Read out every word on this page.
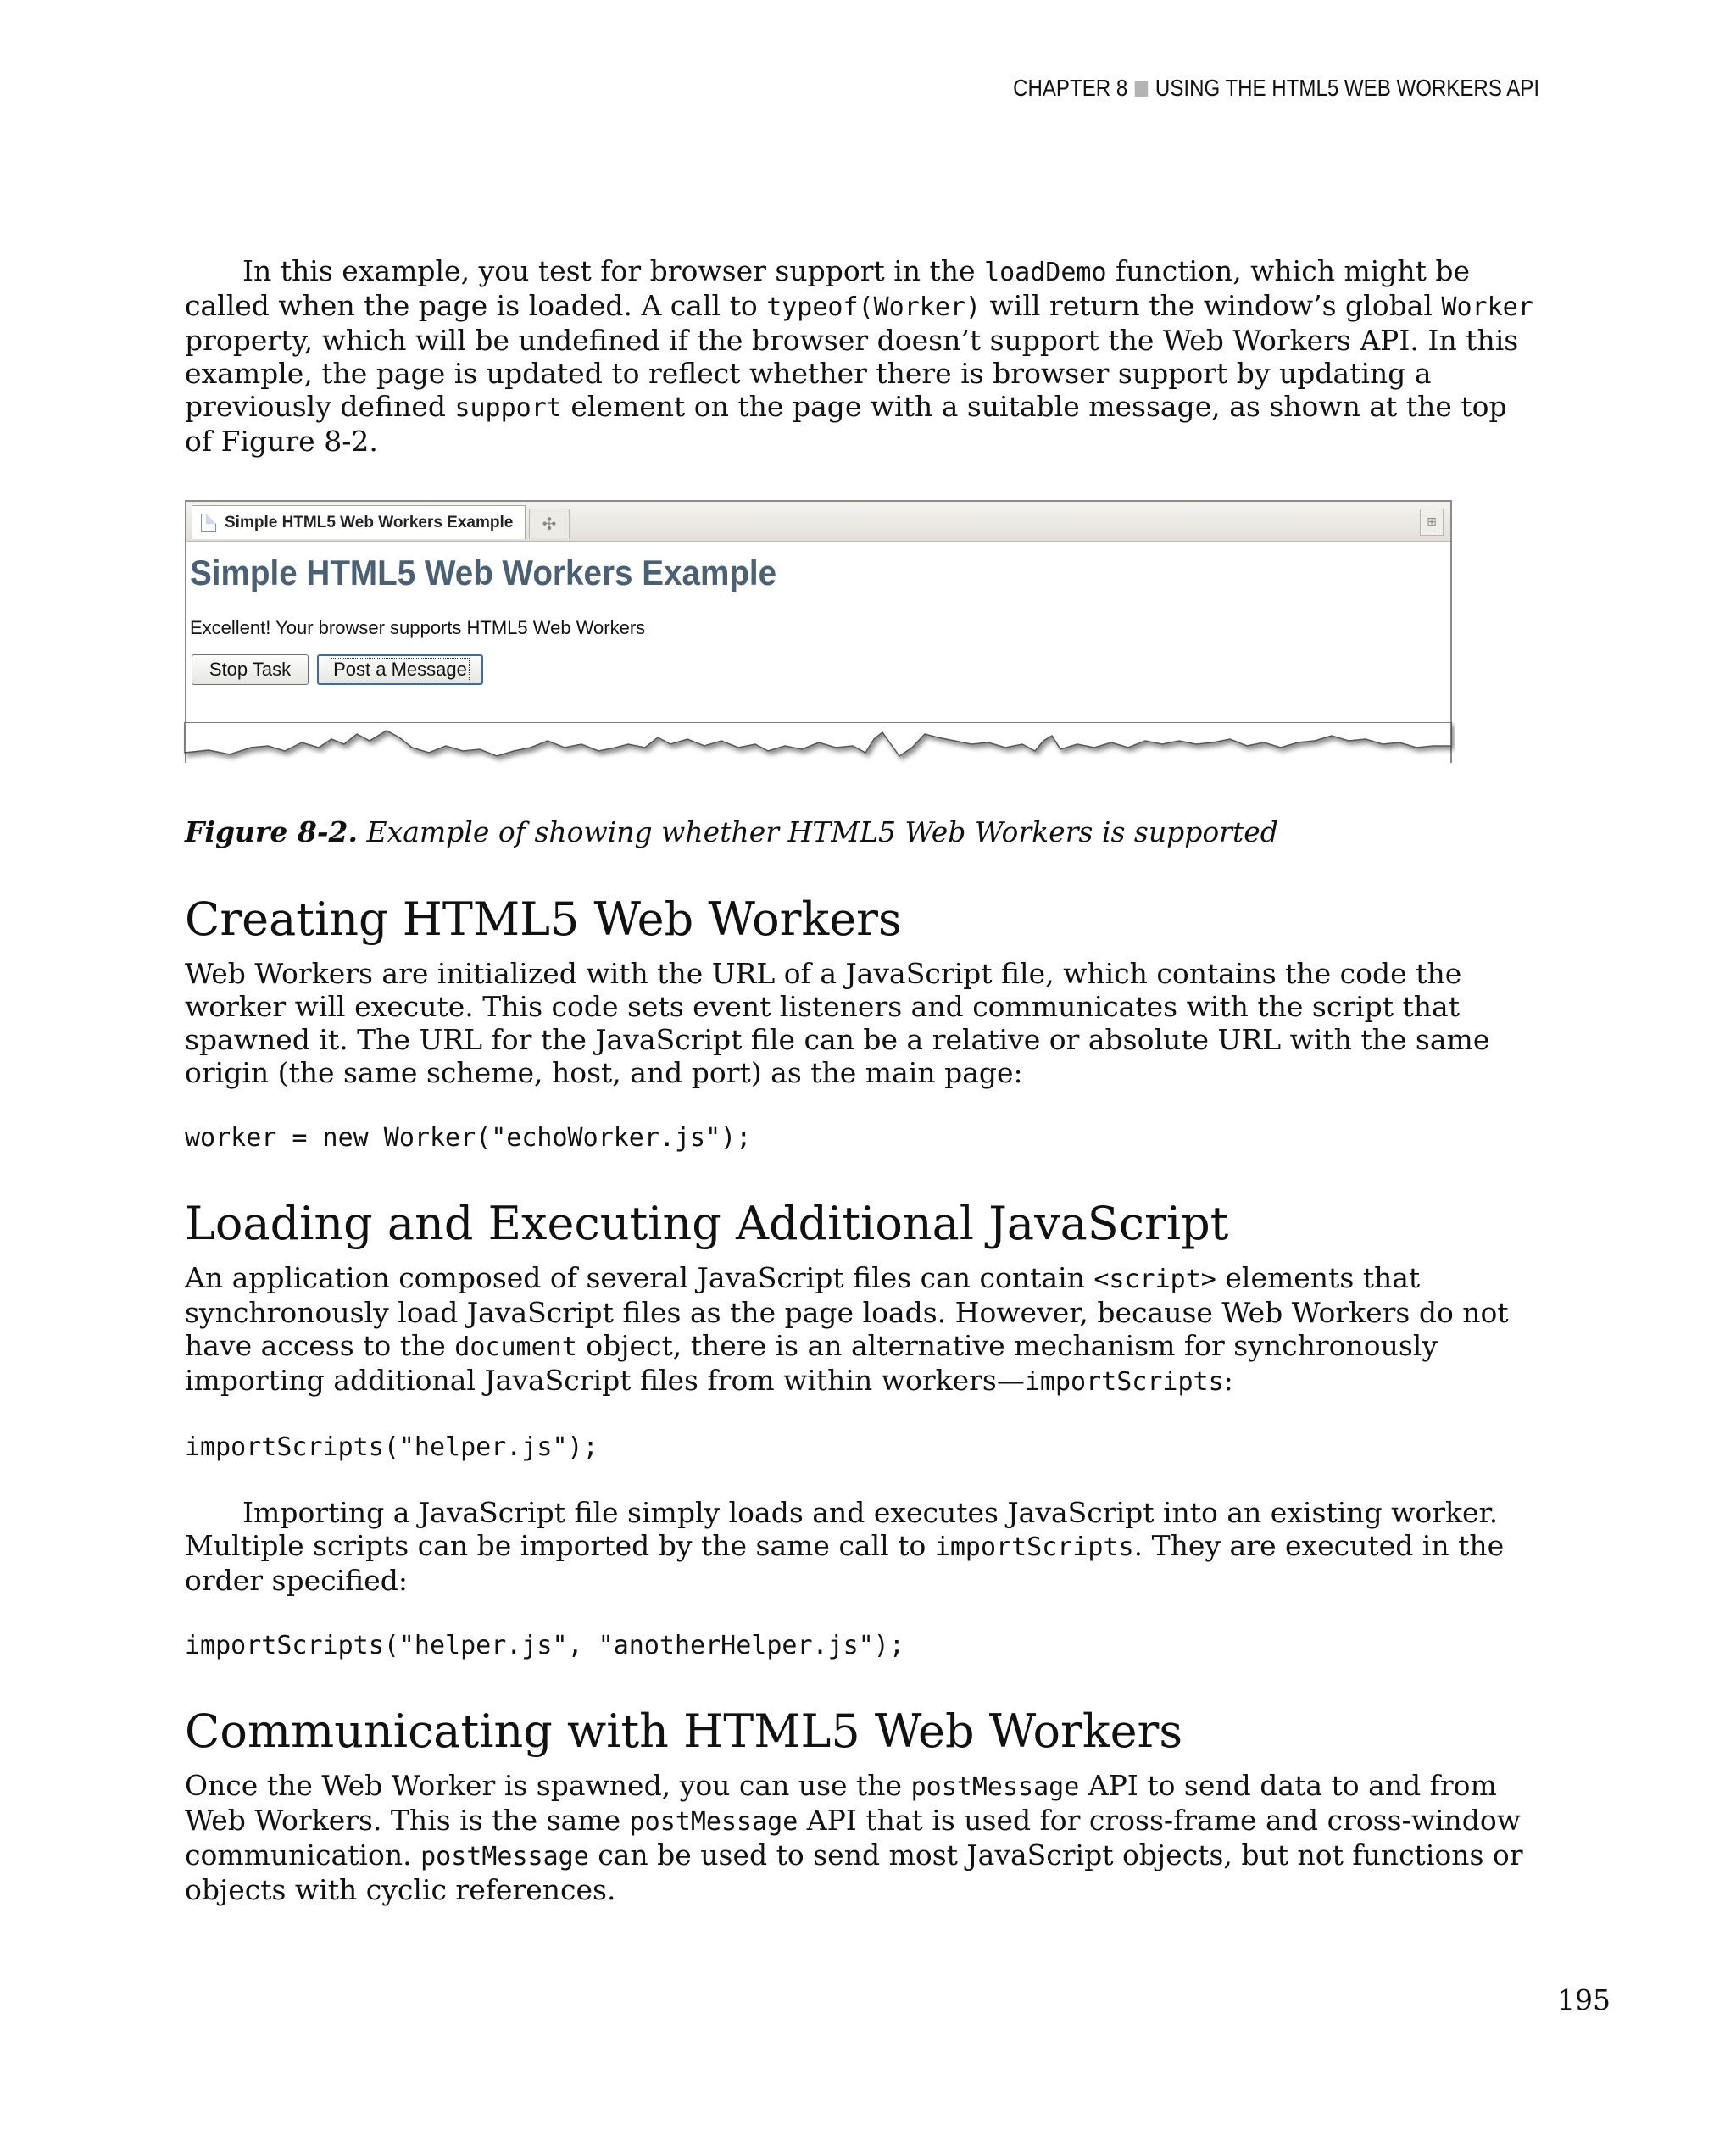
CHAPTER 8 USING THE HTML5 WEB WORKERS API

In this example, you test for browser support in the loadDemo function, which might be called when the page is loaded. A call to typeof(Worker) will return the window’s global Worker property, which will be undefined if the browser doesn’t support the Web Workers API. In this example, the page is updated to reflect whether there is browser support by updating a previously defined support element on the page with a suitable message, as shown at the top of Figure 8-2.

Simple HTML5 Web Workers Example	✣	⊞
Simple HTML5 Web Workers Example
Excellent! Your browser supports HTML5 Web Workers
Stop Task	Post a Message

Figure 8-2. Example of showing whether HTML5 Web Workers is supported

Creating HTML5 Web Workers

Web Workers are initialized with the URL of a JavaScript file, which contains the code the worker will execute. This code sets event listeners and communicates with the script that spawned it. The URL for the JavaScript file can be a relative or absolute URL with the same origin (the same scheme, host, and port) as the main page:

worker = new Worker("echoWorker.js");
Loading and Executing Additional JavaScript

An application composed of several JavaScript files can contain <script> elements that synchronously load JavaScript files as the page loads. However, because Web Workers do not have access to the document object, there is an alternative mechanism for synchronously importing additional JavaScript files from within workers—importScripts:

importScripts("helper.js");

Importing a JavaScript file simply loads and executes JavaScript into an existing worker. Multiple scripts can be imported by the same call to importScripts. They are executed in the order specified:

importScripts("helper.js", "anotherHelper.js");
Communicating with HTML5 Web Workers

Once the Web Worker is spawned, you can use the postMessage API to send data to and from Web Workers. This is the same postMessage API that is used for cross-frame and cross-window communication. postMessage can be used to send most JavaScript objects, but not functions or objects with cyclic references.

195
